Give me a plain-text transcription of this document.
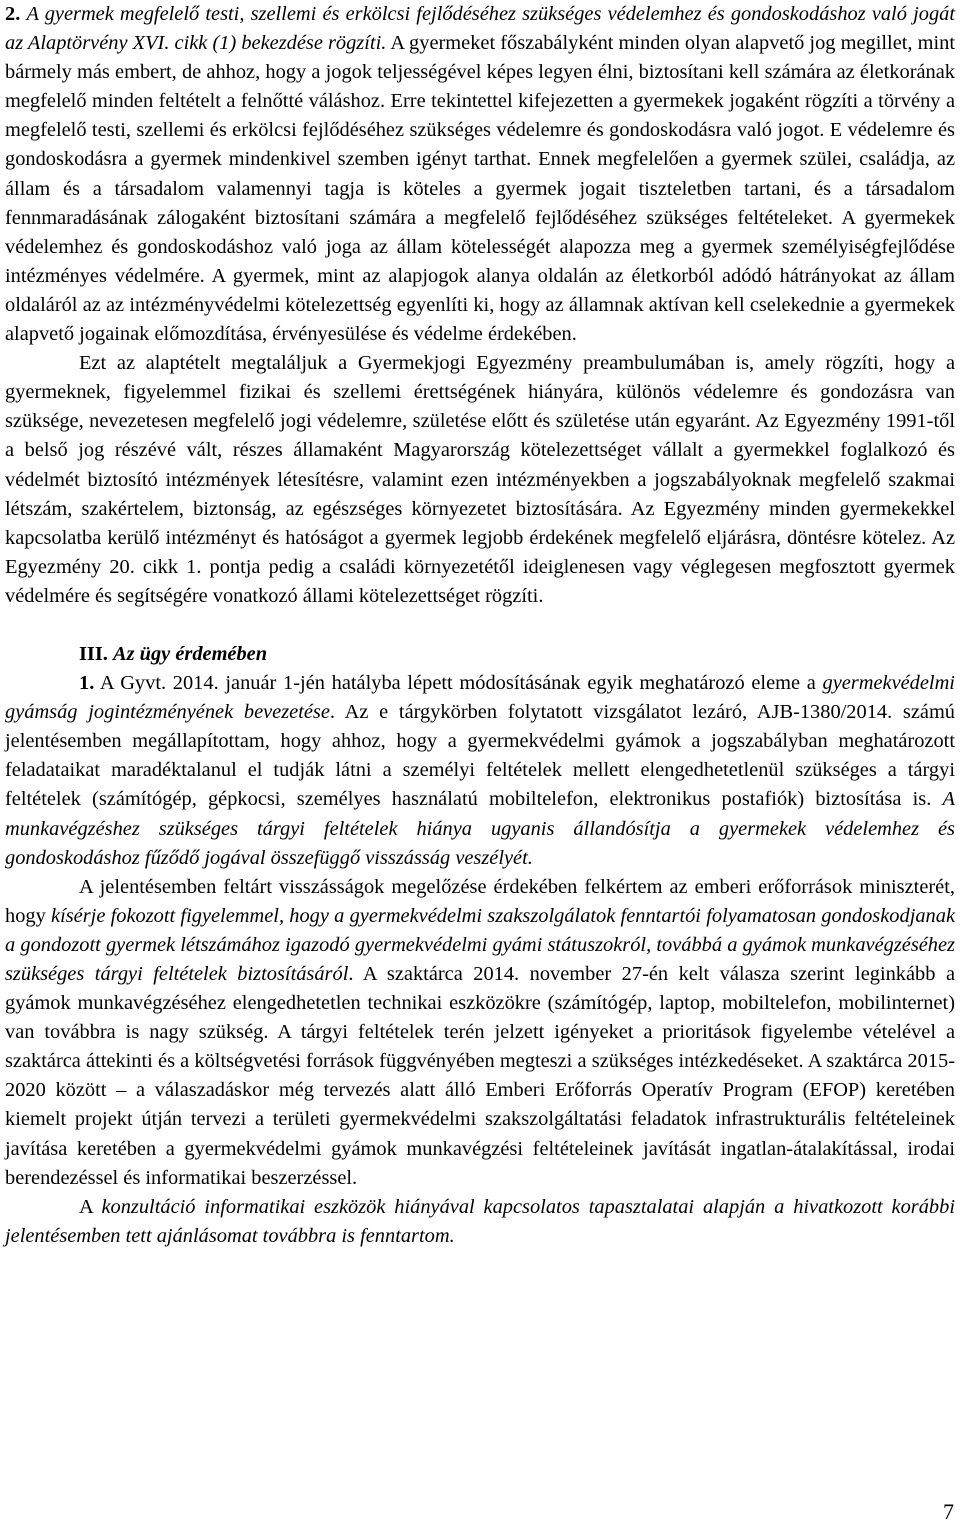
2. A gyermek megfelelő testi, szellemi és erkölcsi fejlődéséhez szükséges védelemhez és gondoskodáshoz való jogát az Alaptörvény XVI. cikk (1) bekezdése rögzíti. A gyermeket főszabályként minden olyan alapvető jog megillet, mint bármely más embert, de ahhoz, hogy a jogok teljességével képes legyen élni, biztosítani kell számára az életkorának megfelelő minden feltételt a felnőtté váláshoz. Erre tekintettel kifejezetten a gyermekek jogaként rögzíti a törvény a megfelelő testi, szellemi és erkölcsi fejlődéséhez szükséges védelemre és gondoskodásra való jogot. E védelemre és gondoskodásra a gyermek mindenkivel szemben igényt tarthat. Ennek megfelelően a gyermek szülei, családja, az állam és a társadalom valamennyi tagja is köteles a gyermek jogait tiszteletben tartani, és a társadalom fennmaradásának zálogaként biztosítani számára a megfelelő fejlődéséhez szükséges feltételeket. A gyermekek védelemhez és gondoskodáshoz való joga az állam kötelességét alapozza meg a gyermek személyiségfejlődése intézményes védelmére. A gyermek, mint az alapjogok alanya oldalán az életkorból adódó hátrányokat az állam oldaláról az az intézményvédelmi kötelezettség egyenlíti ki, hogy az államnak aktívan kell cselekednie a gyermekek alapvető jogainak előmozdítása, érvényesülése és védelme érdekében.

Ezt az alaptételt megtaláljuk a Gyermekjogi Egyezmény preambulumában is, amely rögzíti, hogy a gyermeknek, figyelemmel fizikai és szellemi érettségének hiányára, különös védelemre és gondozásra van szüksége, nevezetesen megfelelő jogi védelemre, születése előtt és születése után egyaránt. Az Egyezmény 1991-től a belső jog részévé vált, részes államaként Magyarország kötelezettséget vállalt a gyermekkel foglalkozó és védelmét biztosító intézmények létesítésre, valamint ezen intézményekben a jogszabályoknak megfelelő szakmai létszám, szakértelem, biztonság, az egészséges környezetet biztosítására. Az Egyezmény minden gyermekekkel kapcsolatba kerülő intézményt és hatóságot a gyermek legjobb érdekének megfelelő eljárásra, döntésre kötelez. Az Egyezmény 20. cikk 1. pontja pedig a családi környezetétől ideiglenesen vagy véglegesen megfosztott gyermek védelmére és segítségére vonatkozó állami kötelezettséget rögzíti.

III. Az ügy érdemében

1. A Gyvt. 2014. január 1-jén hatályba lépett módosításának egyik meghatározó eleme a gyermekvédelmi gyámság jogintézményének bevezetése. Az e tárgykörben folytatott vizsgálatot lezáró, AJB-1380/2014. számú jelentésemben megállapítottam, hogy ahhoz, hogy a gyermekvédelmi gyámok a jogszabályban meghatározott feladataikat maradéktalanul el tudják látni a személyi feltételek mellett elengedhetetlenül szükséges a tárgyi feltételek (számítógép, gépkocsi, személyes használatú mobiltelefon, elektronikus postafiók) biztosítása is. A munkavégzéshez szükséges tárgyi feltételek hiánya ugyanis állandósítja a gyermekek védelemhez és gondoskodáshoz fűződő jogával összefüggő visszásság veszélyét.

A jelentésemben feltárt visszásságok megelőzése érdekében felkértem az emberi erőforrások miniszterét, hogy kísérje fokozott figyelemmel, hogy a gyermekvédelmi szakszolgálatok fenntartói folyamatosan gondoskodjanak a gondozott gyermek létszámához igazodó gyermekvédelmi gyámi státuszokról, továbbá a gyámok munkavégzéséhez szükséges tárgyi feltételek biztosításáról. A szaktárca 2014. november 27-én kelt válasza szerint leginkább a gyámok munkavégzéséhez elengedhetetlen technikai eszközökre (számítógép, laptop, mobiltelefon, mobilinternet) van továbbra is nagy szükség. A tárgyi feltételek terén jelzett igényeket a prioritások figyelembe vételével a szaktárca áttekinti és a költségvetési források függvényében megteszi a szükséges intézkedéseket. A szaktárca 2015-2020 között – a válaszadáskor még tervezés alatt álló Emberi Erőforrás Operatív Program (EFOP) keretében kiemelt projekt útján tervezi a területi gyermekvédelmi szakszolgáltatási feladatok infrastrukturális feltételeinek javítása keretében a gyermekvédelmi gyámok munkavégzési feltételeinek javítását ingatlan-átalakítással, irodai berendezéssel és informatikai beszerzéssel.

A konzultáció informatikai eszközök hiányával kapcsolatos tapasztalatai alapján a hivatkozott korábbi jelentésemben tett ajánlásomat továbbra is fenntartom.

7
